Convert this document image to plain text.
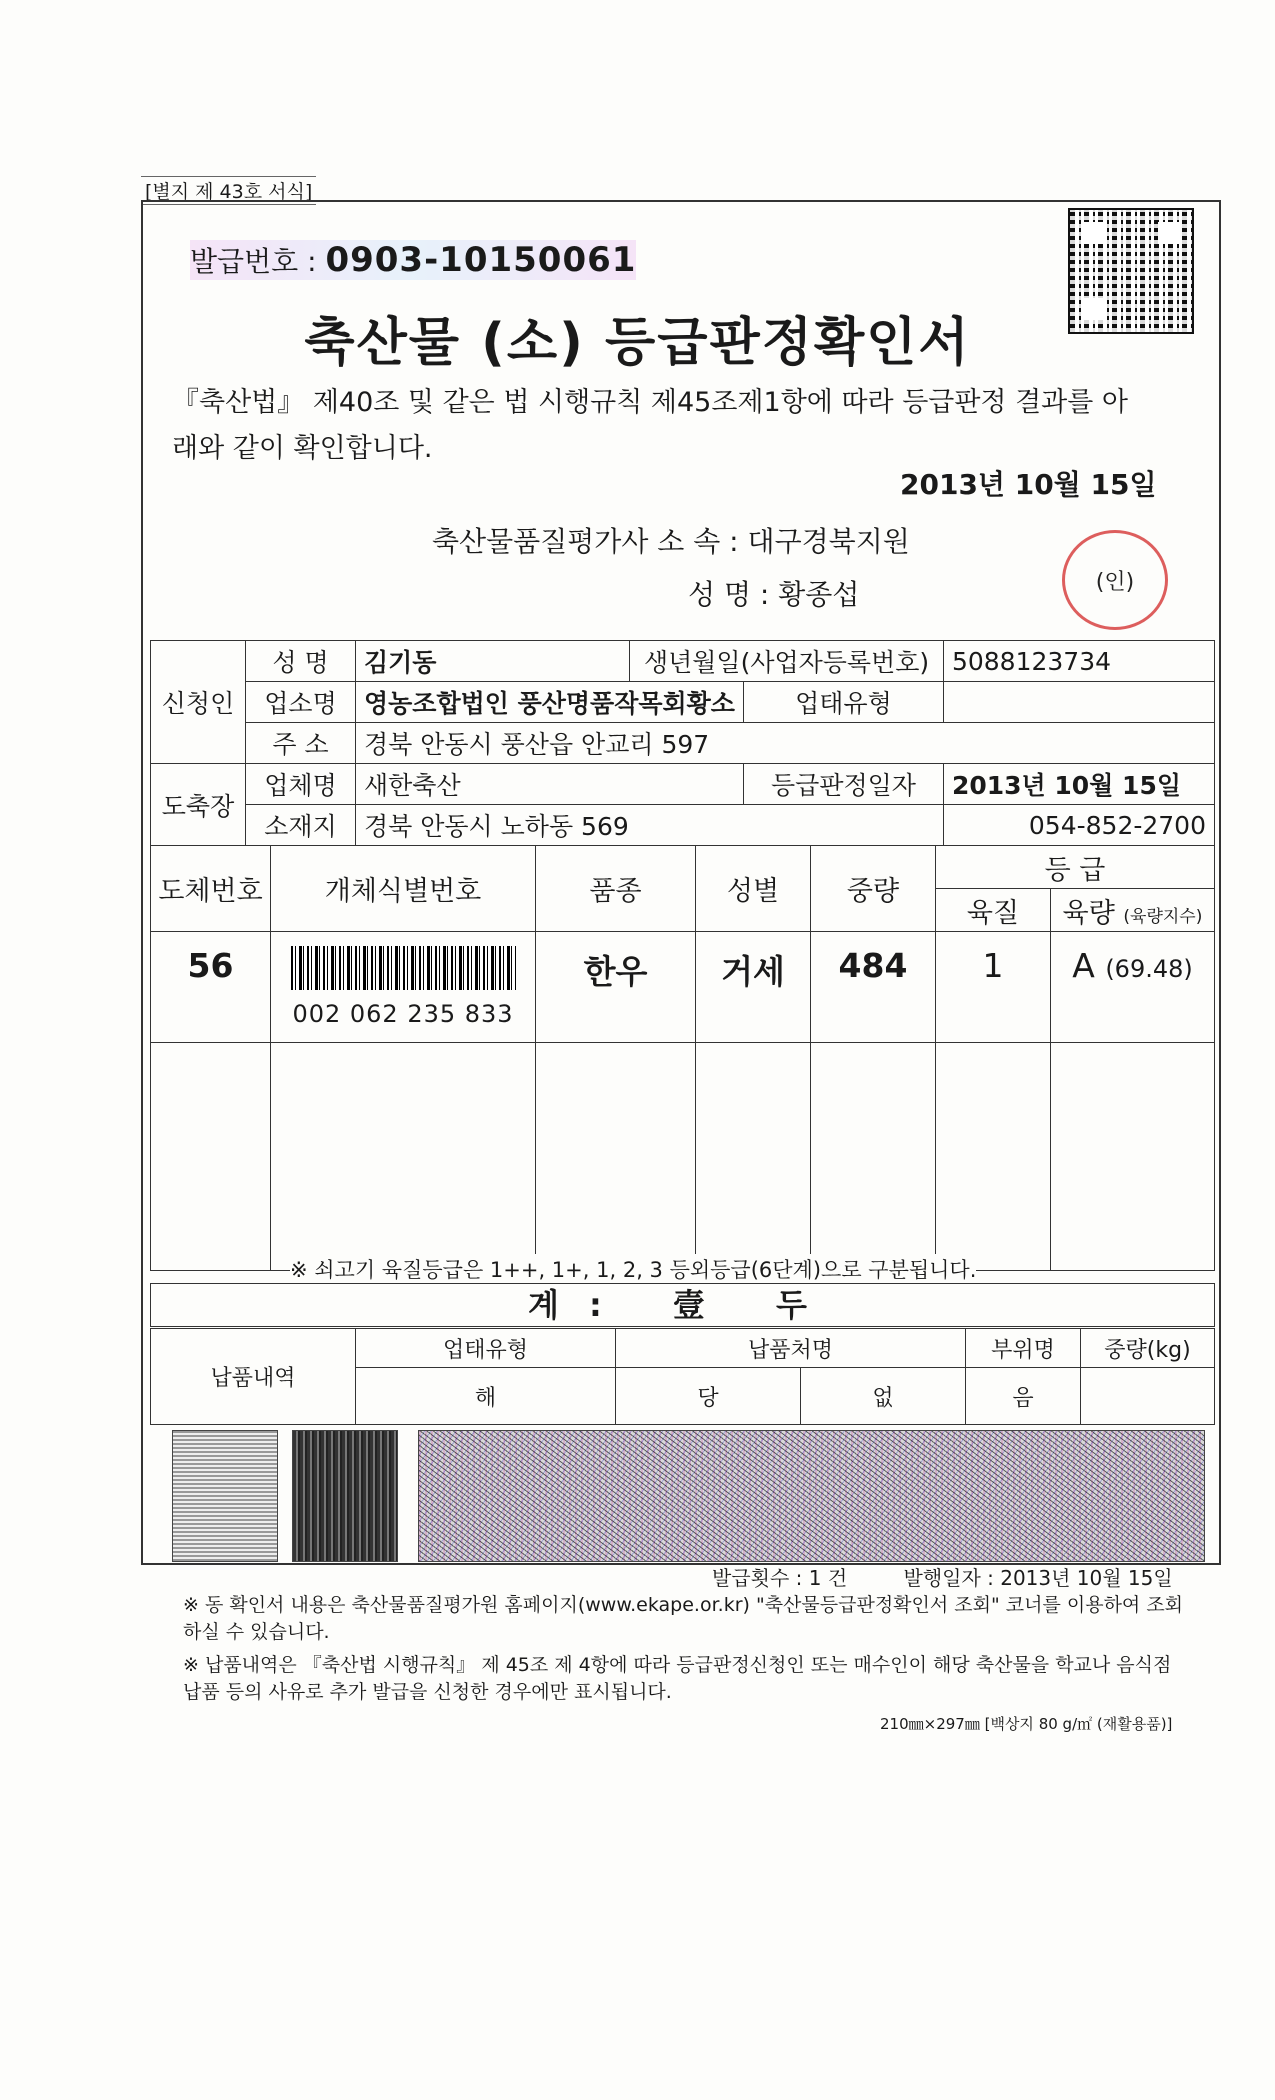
[별지 제 43호 서식]
발급번호 : 0903-10150061
축산물 (소) 등급판정확인서
『축산법』 제40조 및 같은 법 시행규칙 제45조제1항에 따라 등급판정 결과를 아래와 같이 확인합니다.
2013년 10월 15일
축산물품질평가사 소 속 : 대구경북지원
성 명 : 황종섭	(인)
신청인	성 명	김기동	생년월일(사업자등록번호)		5088123734
	업소명	영농조합법인 풍산명품작목회황소		업태유형	
	주 소	경북 안동시 풍산읍 안교리 597			
도축장	업체명	새한축산		등급판정일자	2013년 10월 15일
	소재지	경북 안동시 노하동 569			054-852-2700
도체번호	개체식별번호	품종	성별	중량	등 급	
					육질	육량 (육량지수)
56	002 062 235 833	한우	거세	484	1	A (69.48)

※ 쇠고기 육질등급은 1++, 1+, 1, 2, 3 등외등급(6단계)으로 구분됩니다.
계: 壹 두
납품내역	업태유형	납품처명		부위명	중량(kg)
	해	당	없	음	
발급횟수 : 1 건	발행일자 : 2013년 10월 15일
※ 동 확인서 내용은 축산물품질평가원 홈페이지(www.ekape.or.kr) "축산물등급판정확인서 조회" 코너를 이용하여 조회 하실 수 있습니다.
※ 납품내역은 『축산법 시행규칙』 제 45조 제 4항에 따라 등급판정신청인 또는 매수인이 해당 축산물을 학교나 음식점 납품 등의 사유로 추가 발급을 신청한 경우에만 표시됩니다.
210㎜×297㎜ [백상지 80 g/㎡ (재활용품)]
